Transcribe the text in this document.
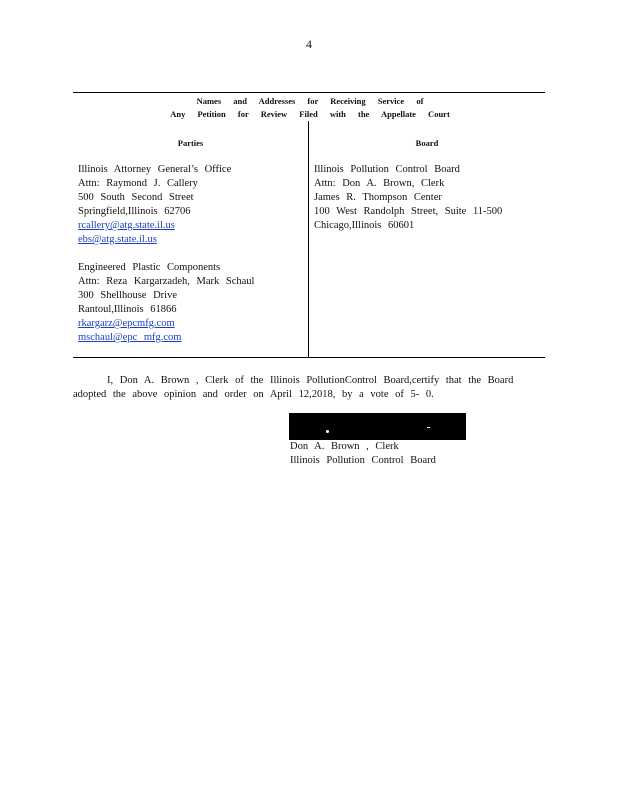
4
Names and Addresses for Receiving Service of
Any Petition for Review Filed with the Appellate Court
Parties	Board
Illinois Attorney General’s Office
Attn: Raymond J. Callery
500 South Second Street
Springfield,Illinois 62706
rcallery@atg.state.il.us
ebs@atg.state.il.us
Engineered Plastic Components
Attn: Reza Kargarzadeh, Mark Schaul
300 Shellhouse Drive
Rantoul,Illinois 61866
rkargarz@epcmfg.com
mschaul@epc mfg.com
Illinois Pollution Control Board
Attn: Don A. Brown, Clerk
James R. Thompson Center
100 West Randolph Street, Suite 11-500
Chicago,Illinois 60601
I, Don A. Brown , Clerk of the Illinois PollutionControl Board,certify that the Board adopted the above opinion and order on April 12,2018, by a vote of 5- 0.
Don A. Brown , Clerk
Illinois Pollution Control Board
